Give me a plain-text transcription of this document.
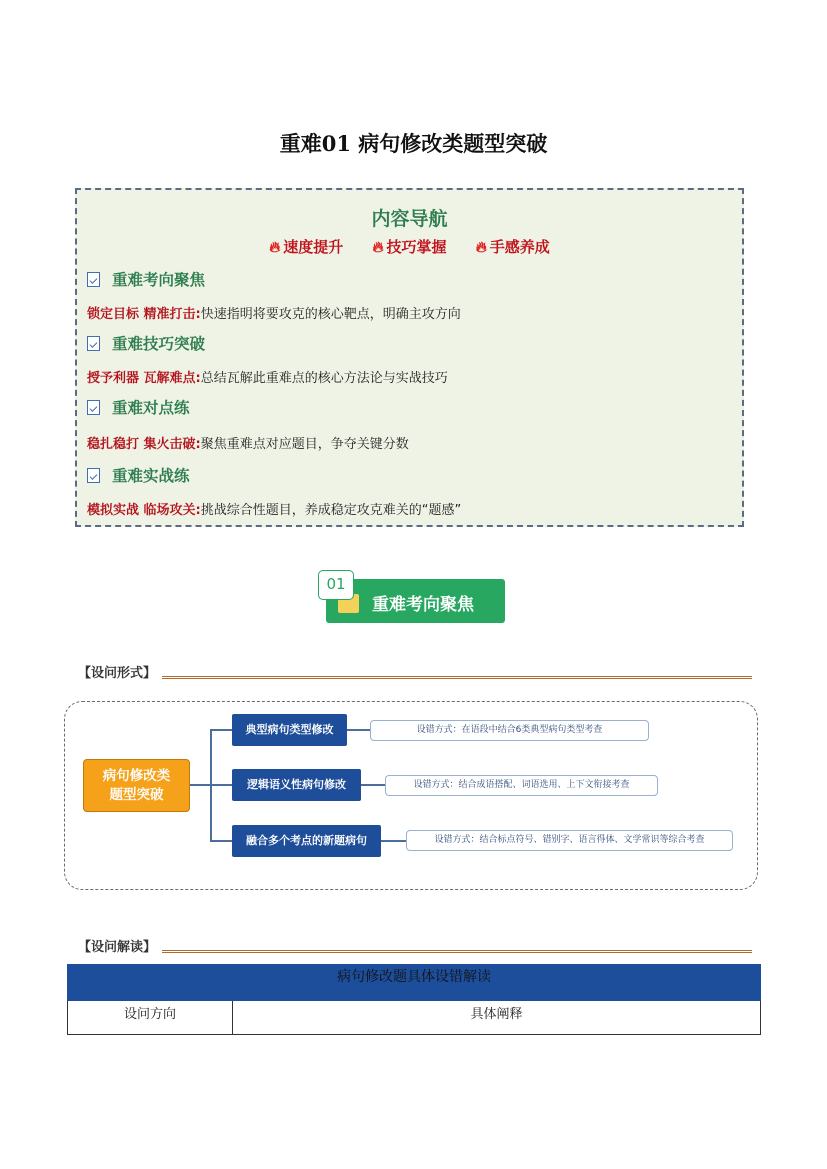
重难01 病句修改类题型突破
内容导航
🔥︎ 速度提升 🔥︎ 技巧掌握 🔥︎ 手感养成
重难考向聚焦
锁定目标 精准打击:快速指明将要攻克的核心靶点，明确主攻方向
重难技巧突破
授予利器 瓦解难点:总结瓦解此重难点的核心方法论与实战技巧
重难对点练
稳扎稳打 集火击破:聚焦重难点对应题目，争夺关键分数
重难实战练
模拟实战 临场攻关:挑战综合性题目，养成稳定攻克难关的“题感”
01
重难考向聚焦
【设问形式】
病句修改类
题型突破
典型病句类型修改	设错方式：在语段中结合6类典型病句类型考查
逻辑语义性病句修改	设错方式：结合成语搭配、词语选用、上下文衔接考查
融合多个考点的新题病句	设错方式：结合标点符号、错别字、语言得体、文学常识等综合考查
【设问解读】
病句修改题具体设错解读
设问方向	具体阐释
